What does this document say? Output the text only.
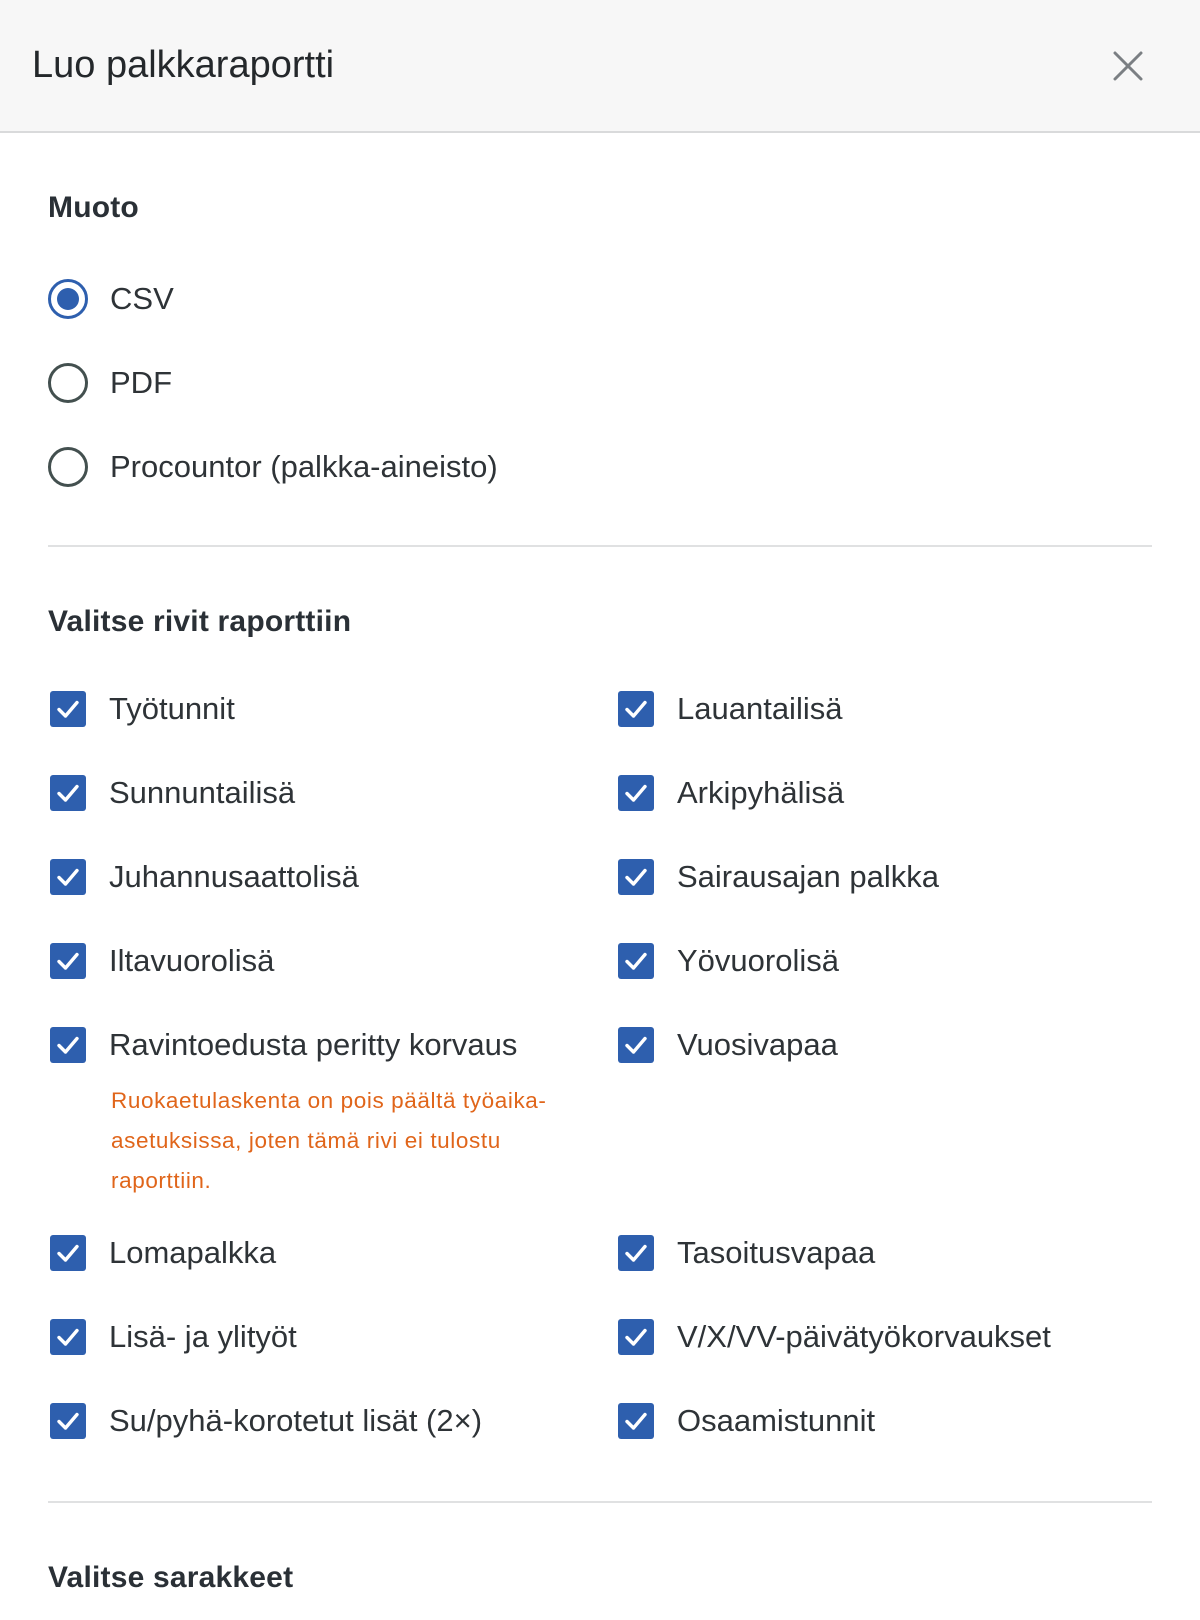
Luo palkkaraportti
Muoto
CSV
PDF
Procountor (palkka-aineisto)
Valitse rivit raporttiin
Työtunnit	Lauantailisä
Sunnuntailisä	Arkipyhälisä
Juhannusaattolisä	Sairausajan palkka
Iltavuorolisä	Yövuorolisä
Ravintoedusta peritty korvaus
Ruokaetulaskenta on pois päältä työaika-asetuksissa, joten tämä rivi ei tulostu raporttiin.
Vuosivapaa
Lomapalkka	Tasoitusvapaa
Lisä- ja ylityöt	V/X/VV-päivätyökorvaukset
Su/pyhä-korotetut lisät (2×)	Osaamistunnit
Valitse sarakkeet
